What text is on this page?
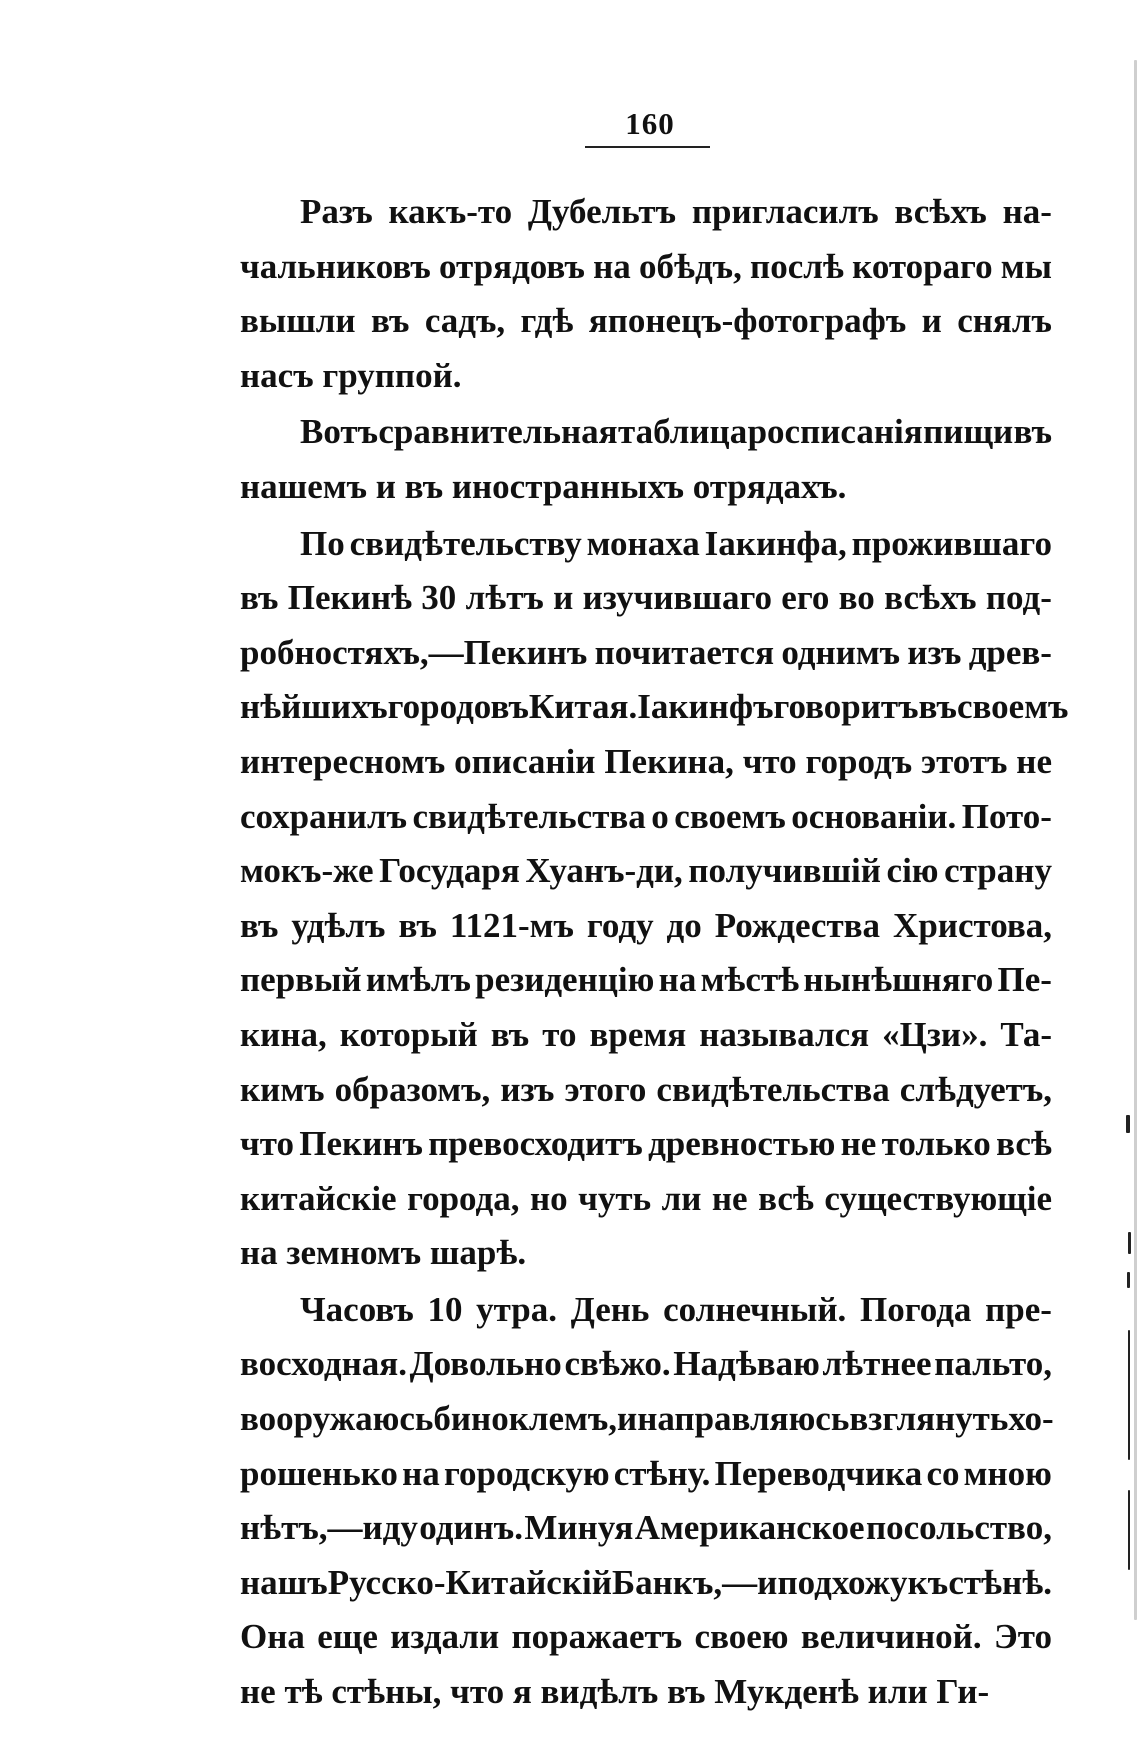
160
Разъ какъ-то Дубельтъ пригласилъ всѣхъ на-
чальниковъ отрядовъ на обѣдъ, послѣ котораго мы
вышли въ садъ, гдѣ японецъ-фотографъ и снялъ
насъ группой.
Вотъ сравнительная таблица росписанія пищи въ
нашемъ и въ иностранныхъ отрядахъ.
По свидѣтельству монаха Іакинфа, прожившаго
въ Пекинѣ 30 лѣтъ и изучившаго его во всѣхъ под-
робностяхъ,—Пекинъ почитается однимъ изъ древ-
нѣйшихъ городовъ Китая. Іакинфъ говоритъ въ своемъ
интересномъ описаніи Пекина, что городъ этотъ не
сохранилъ свидѣтельства о своемъ основаніи. Пото-
мокъ-же Государя Хуанъ-ди, получившій сію страну
въ удѣлъ въ 1121-мъ году до Рождества Христова,
первый имѣлъ резиденцію на мѣстѣ нынѣшняго Пе-
кина, который въ то время назывался «Цзи». Та-
кимъ образомъ, изъ этого свидѣтельства слѣдуетъ,
что Пекинъ превосходитъ древностью не только всѣ
китайскіе города, но чуть ли не всѣ существующіе
на земномъ шарѣ.
Часовъ 10 утра. День солнечный. Погода пре-
восходная. Довольно свѣжо. Надѣваю лѣтнее пальто,
вооружаюсь биноклемъ, и направляюсь взглянуть хо-
рошенько на городскую стѣну. Переводчика со мною
нѣтъ,—иду одинъ. Минуя Американское посольство,
нашъ Русско-Китайскій Банкъ,—и подхожу къ стѣнѣ.
Она еще издали поражаетъ своею величиной. Это
не тѣ стѣны, что я видѣлъ въ Мукденѣ или Ги-
